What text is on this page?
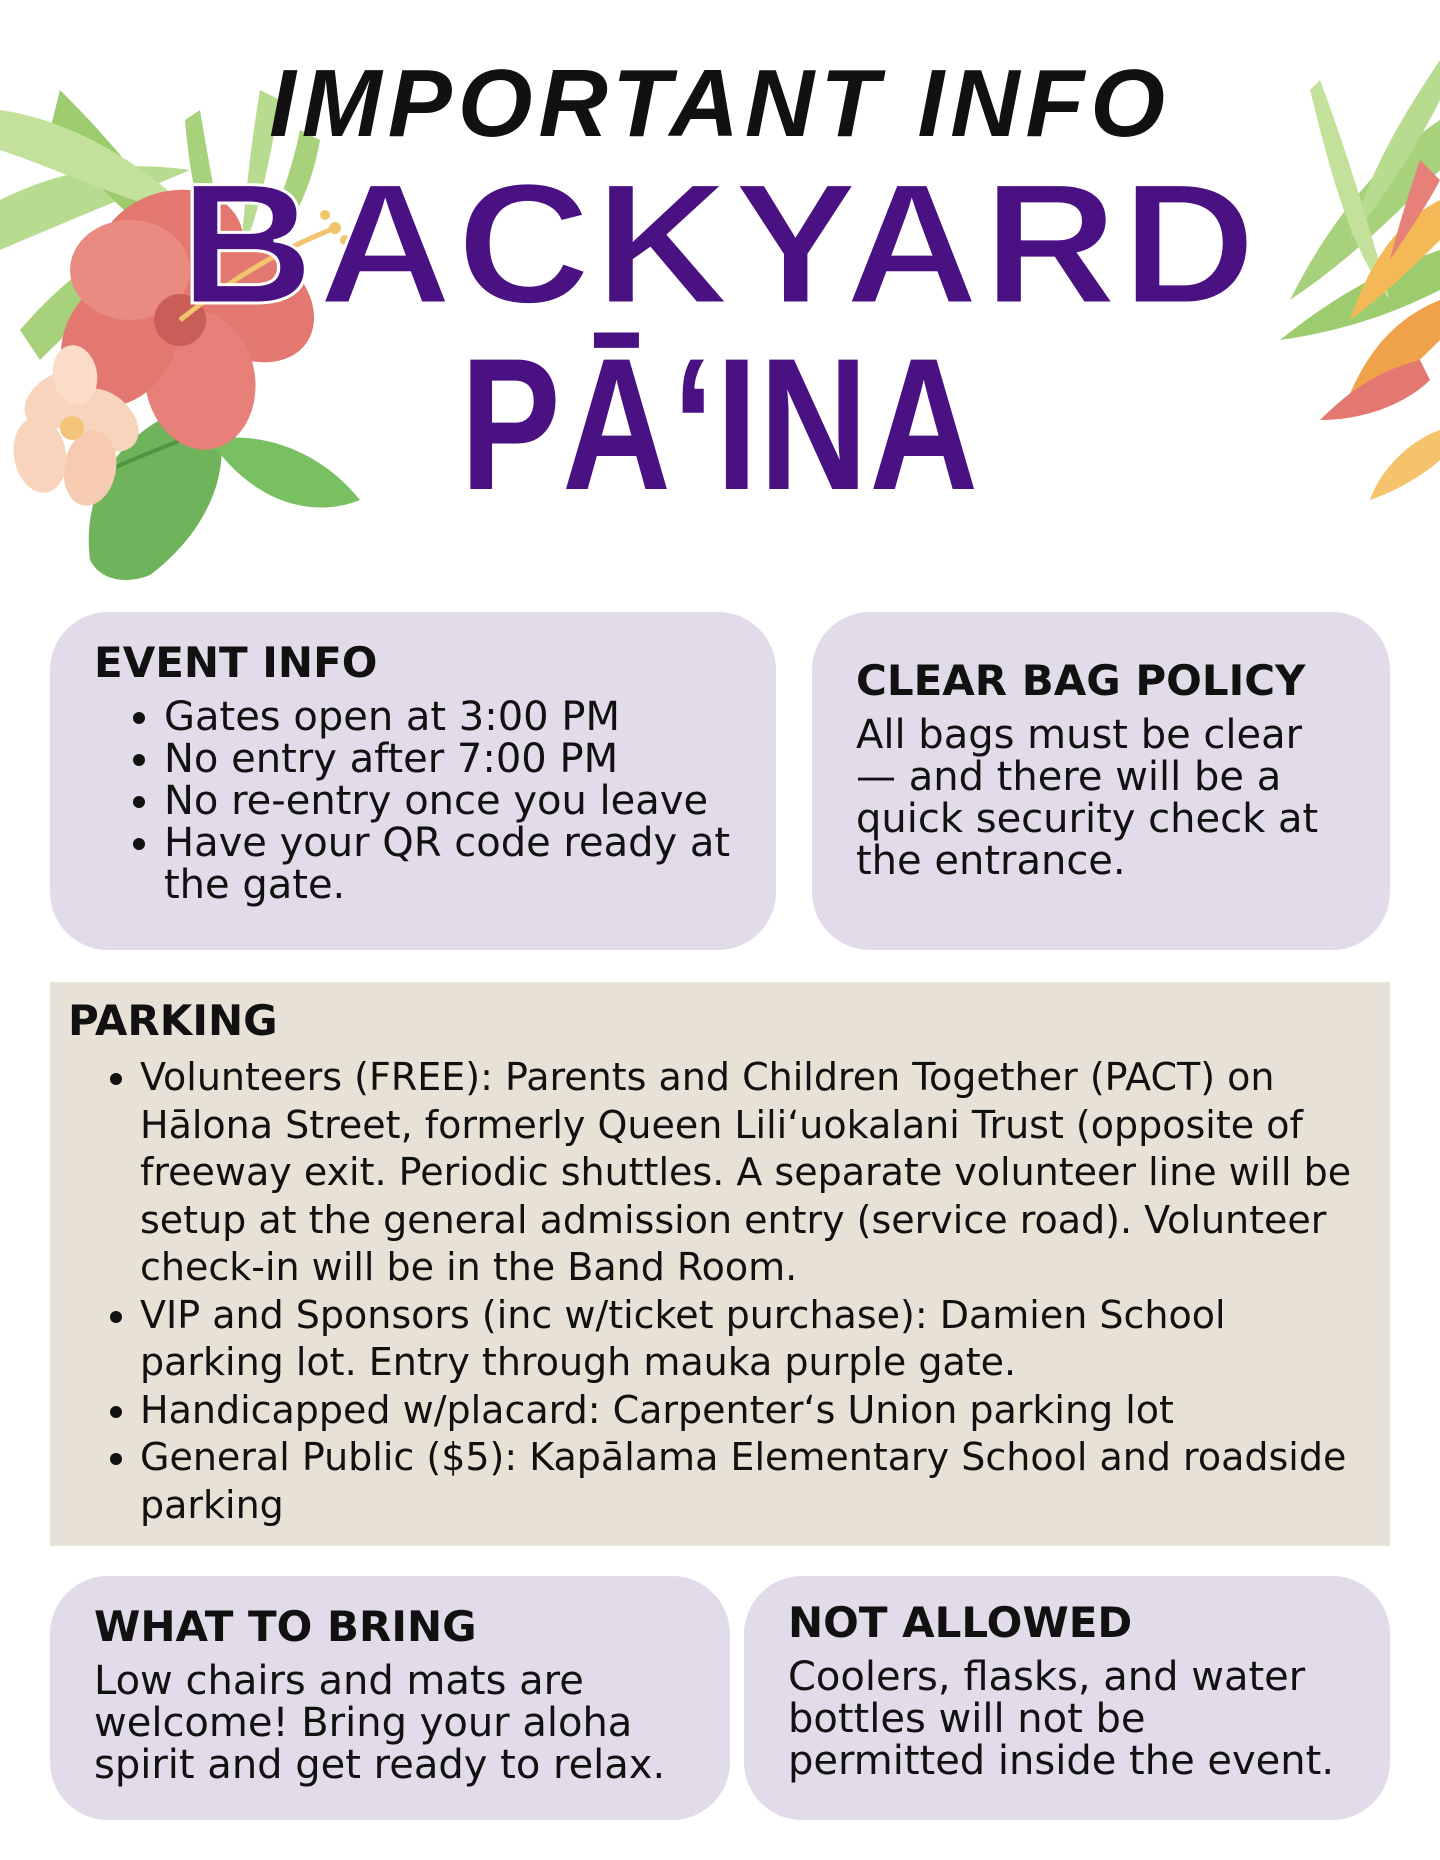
IMPORTANT INFO
BACKYARD
PĀ‘INA
EVENT INFO
• Gates open at 3:00 PM
• No entry after 7:00 PM
• No re-entry once you leave
• Have your QR code ready at the gate.
CLEAR BAG POLICY

All bags must be clear — and there will be a quick security check at the entrance.

PARKING
• Volunteers (FREE): Parents and Children Together (PACT) on Hālona Street, formerly Queen Lili‘uokalani Trust (opposite of freeway exit. Periodic shuttles. A separate volunteer line will be setup at the general admission entry (service road). Volunteer check-in will be in the Band Room.
• VIP and Sponsors (inc w/ticket purchase): Damien School parking lot. Entry through mauka purple gate.
• Handicapped w/placard: Carpenter‘s Union parking lot
• General Public ($5): Kapālama Elementary School and roadside parking
WHAT TO BRING

Low chairs and mats are welcome! Bring your aloha spirit and get ready to relax.

NOT ALLOWED

Coolers, flasks, and water bottles will not be permitted inside the event.
